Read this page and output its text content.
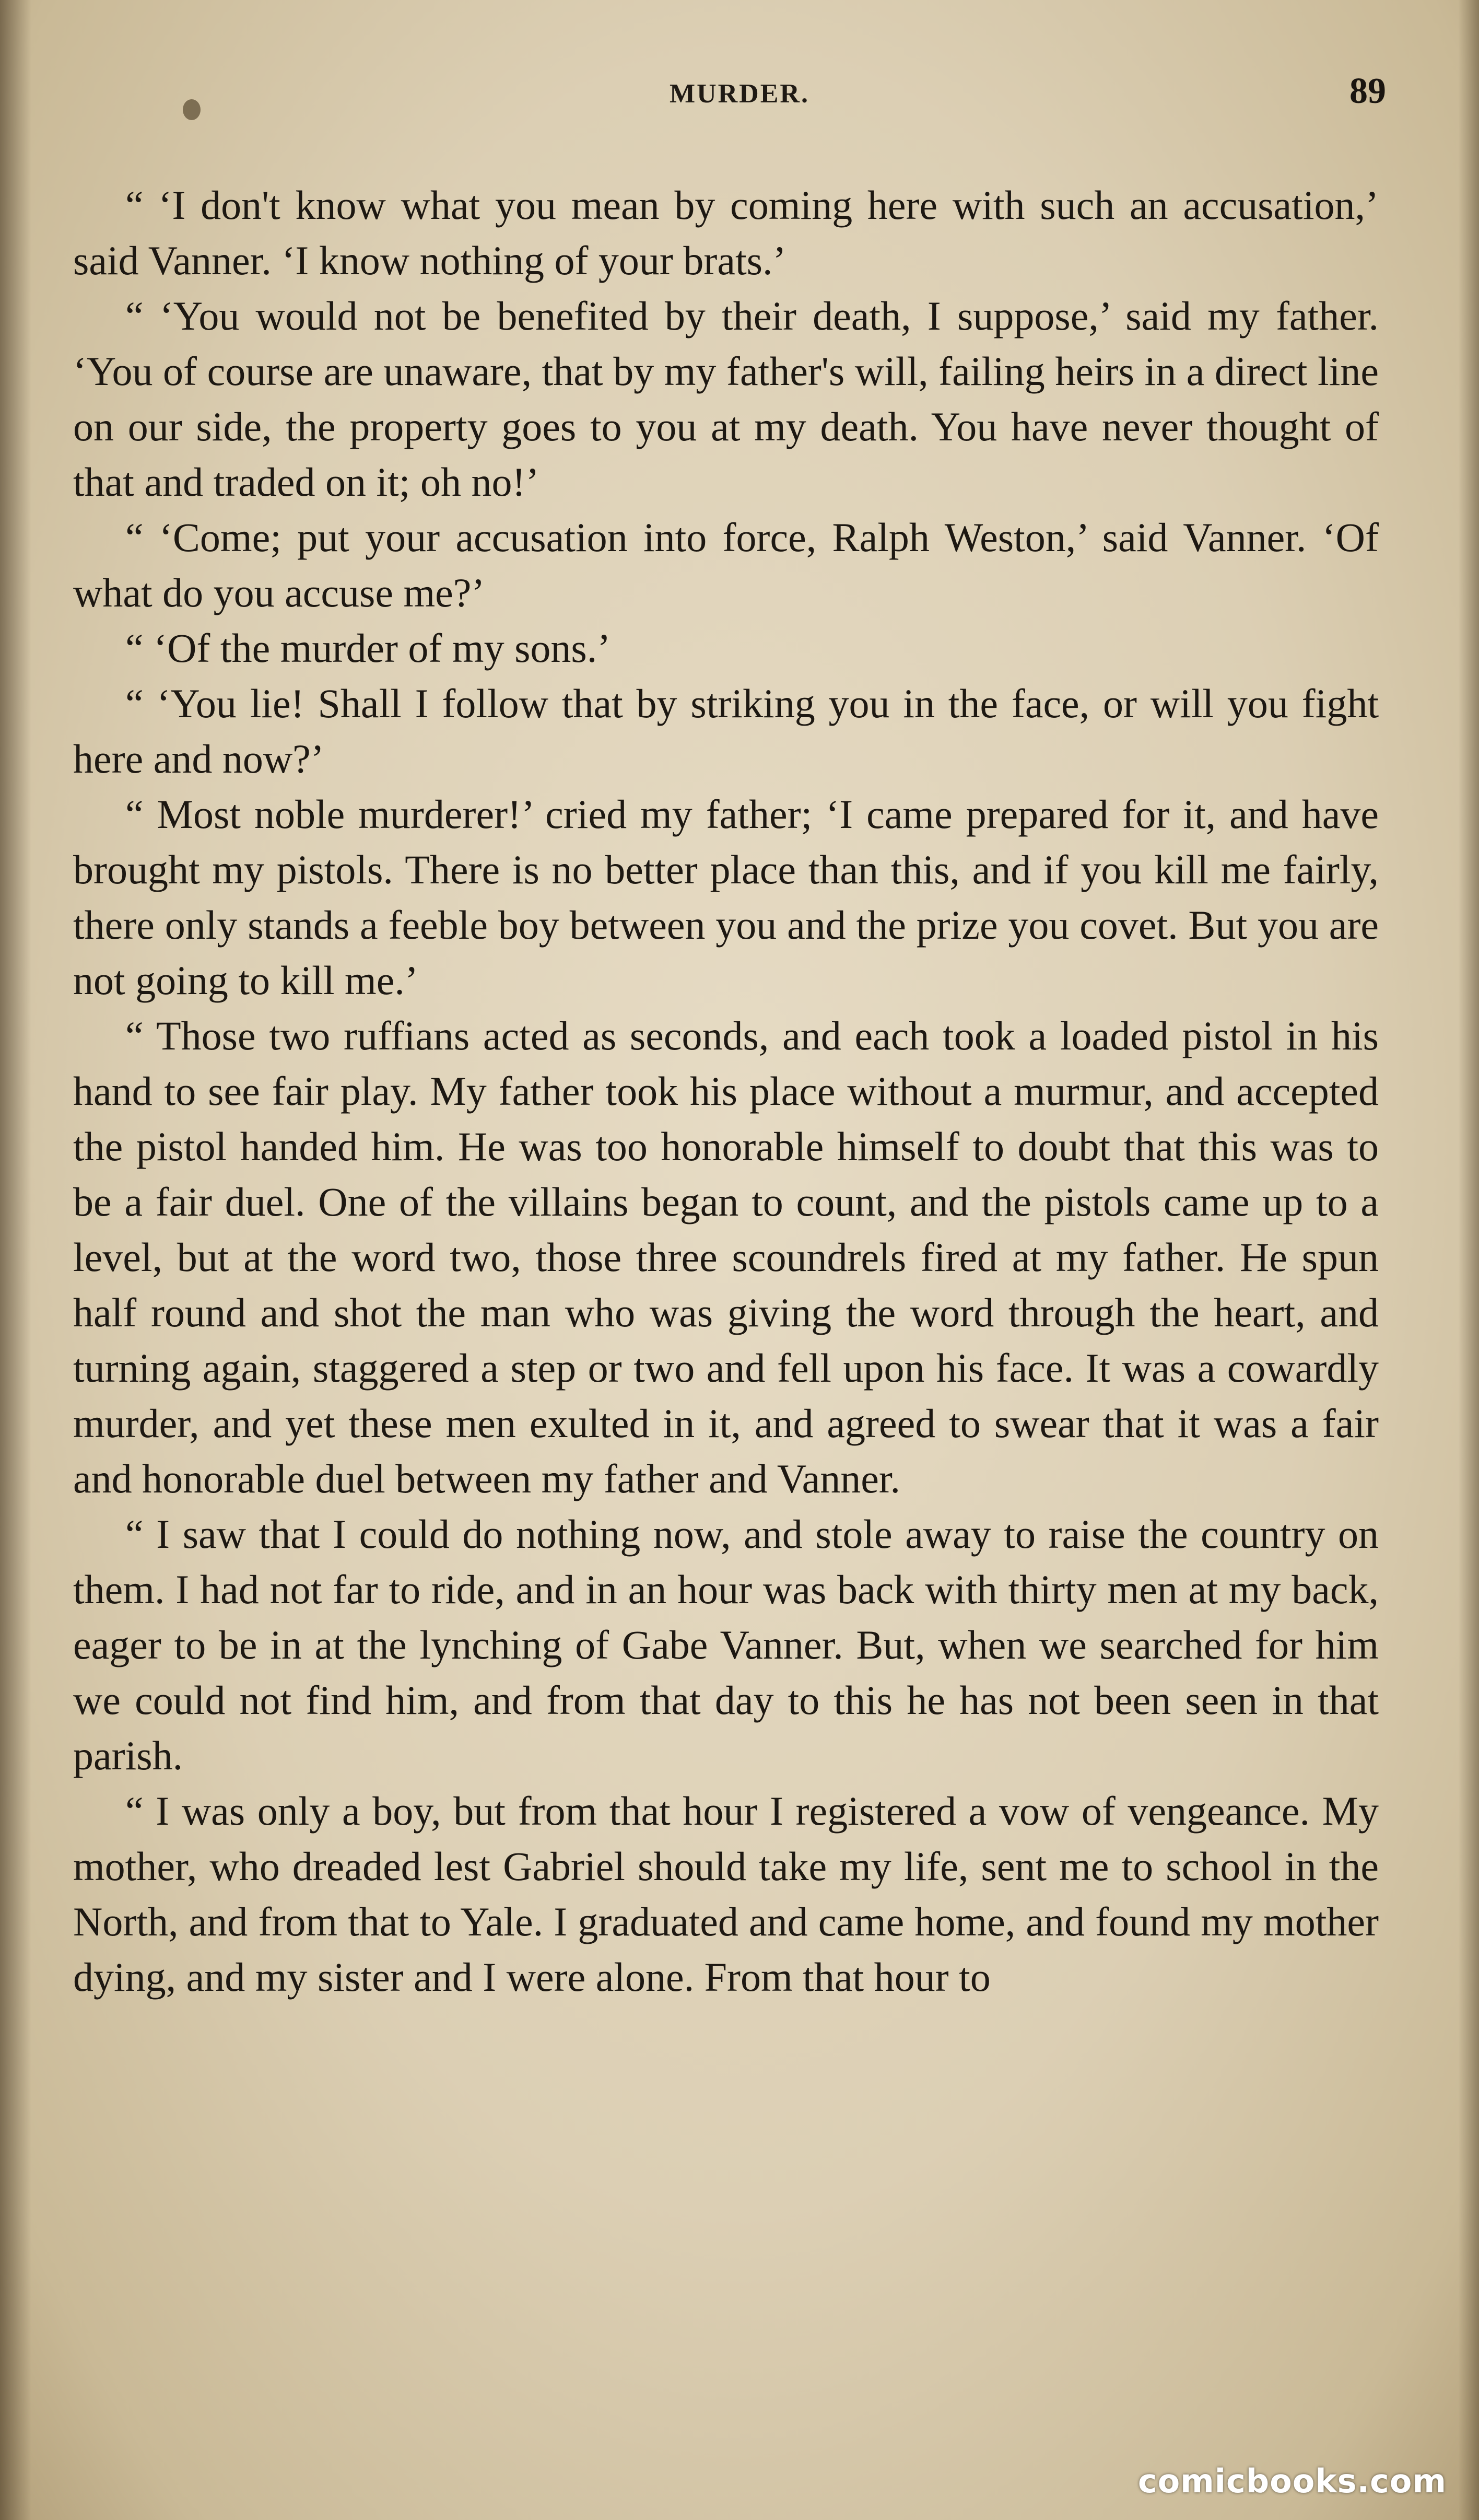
MURDER.	89

“ ‘I don't know what you mean by coming here with such an accusation,’ said Vanner. ‘I know nothing of your brats.’

“ ‘You would not be benefited by their death, I suppose,’ said my father. ‘You of course are unaware, that by my father's will, failing heirs in a direct line on our side, the property goes to you at my death. You have never thought of that and traded on it; oh no!’

“ ‘Come; put your accusation into force, Ralph Weston,’ said Vanner. ‘Of what do you accuse me?’

“ ‘Of the murder of my sons.’

“ ‘You lie! Shall I follow that by striking you in the face, or will you fight here and now?’

“ Most noble murderer!’ cried my father; ‘I came prepared for it, and have brought my pistols. There is no better place than this, and if you kill me fairly, there only stands a feeble boy between you and the prize you covet. But you are not going to kill me.’

“ Those two ruffians acted as seconds, and each took a loaded pistol in his hand to see fair play. My father took his place without a murmur, and accepted the pistol handed him. He was too honorable himself to doubt that this was to be a fair duel. One of the villains began to count, and the pistols came up to a level, but at the word two, those three scoundrels fired at my father. He spun half round and shot the man who was giving the word through the heart, and turning again, staggered a step or two and fell upon his face. It was a cowardly murder, and yet these men exulted in it, and agreed to swear that it was a fair and honorable duel between my father and Vanner.

“ I saw that I could do nothing now, and stole away to raise the country on them. I had not far to ride, and in an hour was back with thirty men at my back, eager to be in at the lynching of Gabe Vanner. But, when we searched for him we could not find him, and from that day to this he has not been seen in that parish.

“ I was only a boy, but from that hour I registered a vow of vengeance. My mother, who dreaded lest Gabriel should take my life, sent me to school in the North, and from that to Yale. I graduated and came home, and found my mother dying, and my sister and I were alone. From that hour to

comicbooks.com
